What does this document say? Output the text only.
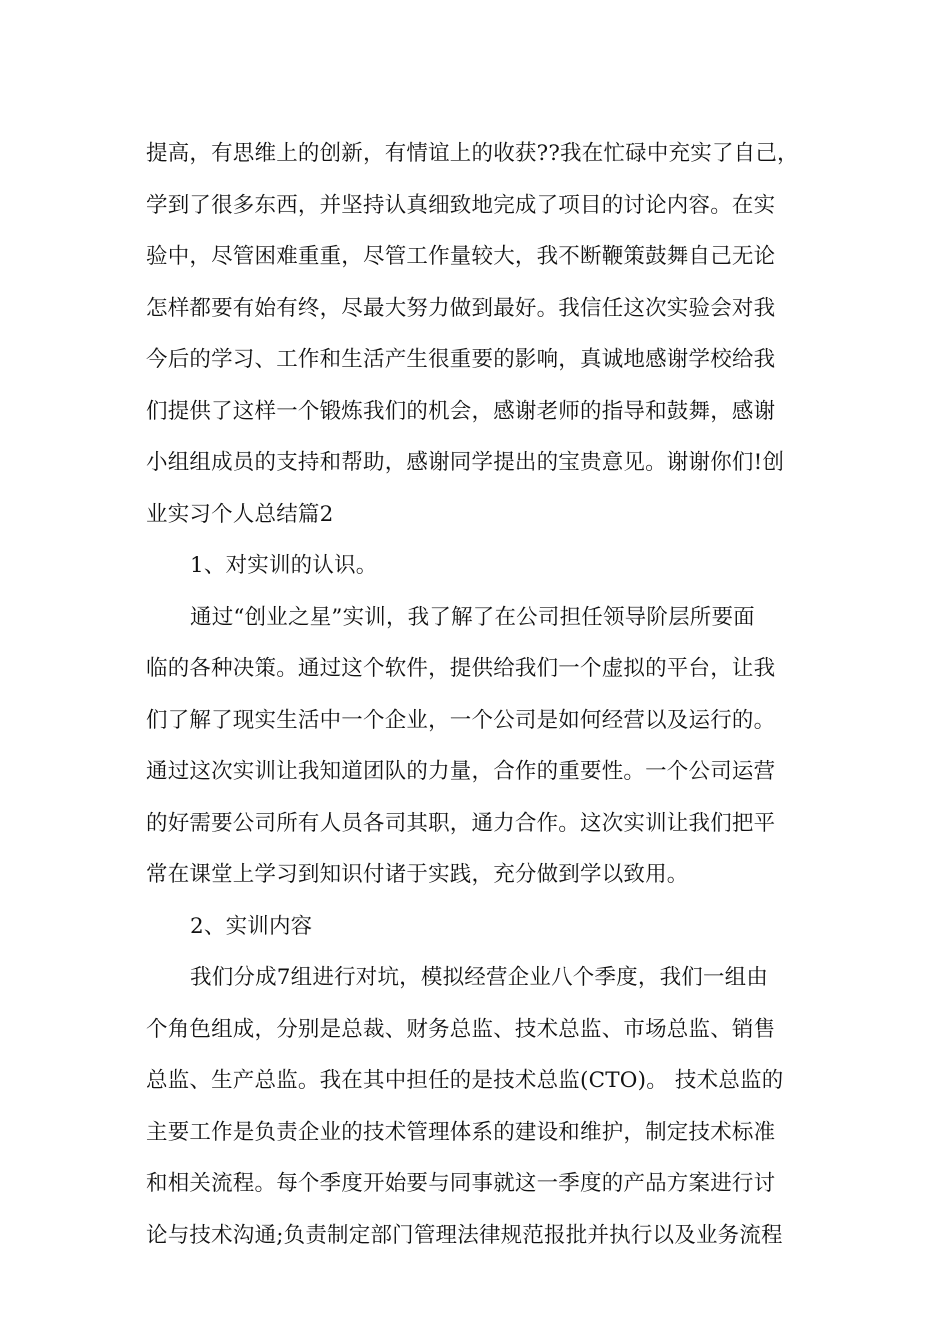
提高，有思维上的创新，有情谊上的收获??我在忙碌中充实了自己，
学到了很多东西，并坚持认真细致地完成了项目的讨论内容。在实
验中，尽管困难重重，尽管工作量较大，我不断鞭策鼓舞自己无论
怎样都要有始有终，尽最大努力做到最好。我信任这次实验会对我
今后的学习、工作和生活产生很重要的影响，真诚地感谢学校给我
们提供了这样一个锻炼我们的机会，感谢老师的指导和鼓舞，感谢
小组组成员的支持和帮助，感谢同学提出的宝贵意见。谢谢你们!创
业实习个人总结篇2
1、对实训的认识。
通过“创业之星”实训，我了解了在公司担任领导阶层所要面
临的各种决策。通过这个软件，提供给我们一个虚拟的平台，让我
们了解了现实生活中一个企业，一个公司是如何经营以及运行的。
通过这次实训让我知道团队的力量，合作的重要性。一个公司运营
的好需要公司所有人员各司其职，通力合作。这次实训让我们把平
常在课堂上学习到知识付诸于实践，充分做到学以致用。
2、实训内容
我们分成7组进行对坑，模拟经营企业八个季度，我们一组由
个角色组成，分别是总裁、财务总监、技术总监、市场总监、销售
总监、生产总监。我在其中担任的是技术总监(CTO)。 技术总监的
主要工作是负责企业的技术管理体系的建设和维护，制定技术标准
和相关流程。每个季度开始要与同事就这一季度的产品方案进行讨
论与技术沟通;负责制定部门管理法律规范报批并执行以及业务流程
